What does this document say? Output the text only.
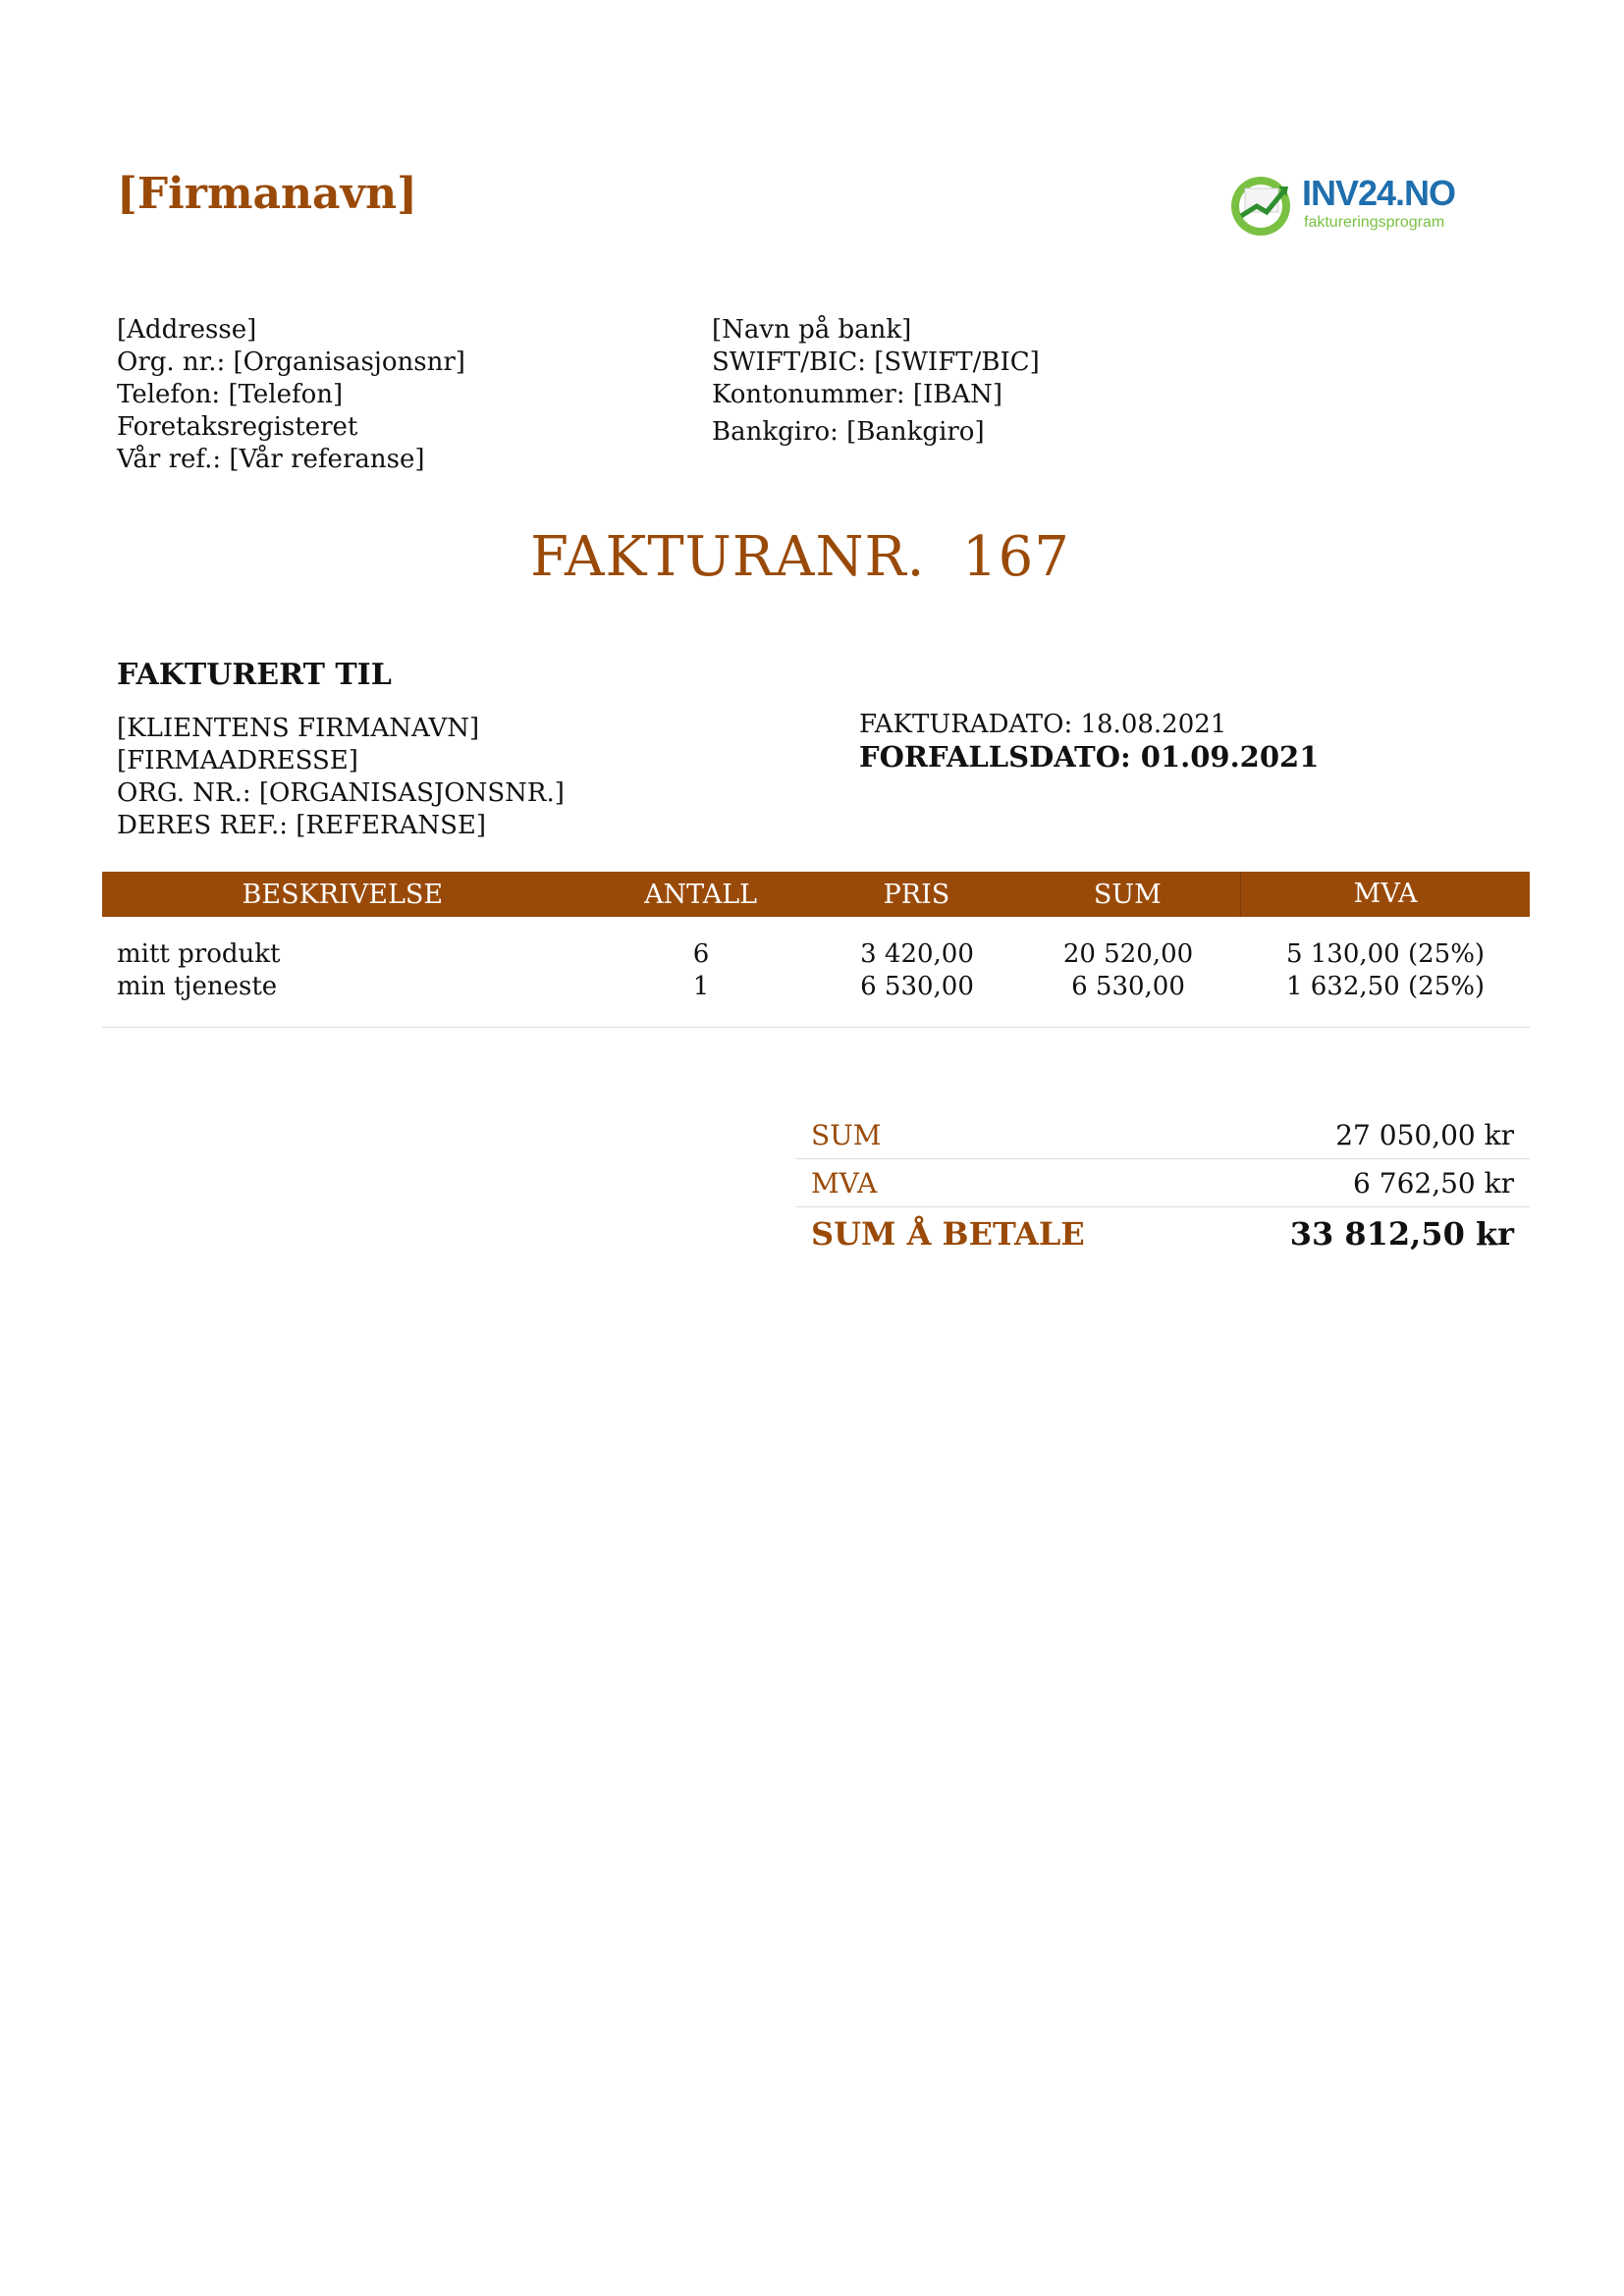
[Firmanavn]	INV24.NO
faktureringsprogram
[Addresse]
Org. nr.: [Organisasjonsnr]
Telefon: [Telefon]
Foretaksregisteret
Vår ref.: [Vår referanse]
[Navn på bank]
SWIFT/BIC: [SWIFT/BIC]
Kontonummer: [IBAN]
Bankgiro: [Bankgiro]
FAKTURANR.  167
FAKTURERT TIL
[KLIENTENS FIRMANAVN]
[FIRMAADRESSE]
ORG. NR.: [ORGANISASJONSNR.]
DERES REF.: [REFERANSE]
FAKTURADATO: 18.08.2021
FORFALLSDATO: 01.09.2021
BESKRIVELSE	ANTALL	PRIS	SUM	MVA
mitt produkt	6	3 420,00	20 520,00	5 130,00 (25%)
min tjeneste	1	6 530,00	6 530,00	1 632,50 (25%)
SUM	27 050,00 kr
MVA	6 762,50 kr
SUM Å BETALE	33 812,50 kr
